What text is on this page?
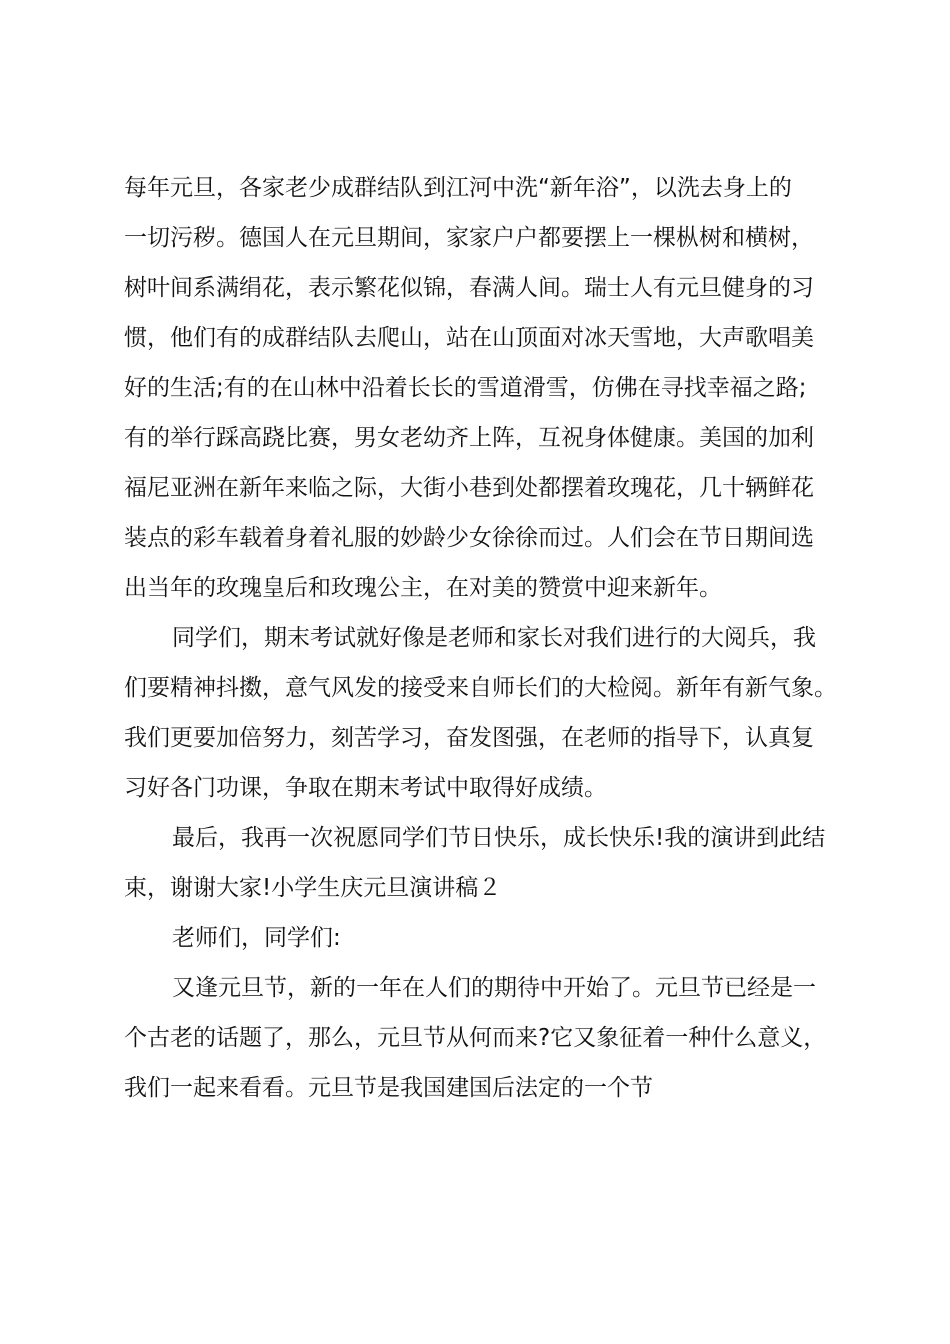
每年元旦，各家老少成群结队到江河中洗“新年浴”，以洗去身上的
一切污秽。德国人在元旦期间，家家户户都要摆上一棵枞树和横树，
树叶间系满绢花，表示繁花似锦，春满人间。瑞士人有元旦健身的习
惯，他们有的成群结队去爬山，站在山顶面对冰天雪地，大声歌唱美
好的生活;有的在山林中沿着长长的雪道滑雪，仿佛在寻找幸福之路;
有的举行踩高跷比赛，男女老幼齐上阵，互祝身体健康。美国的加利
福尼亚洲在新年来临之际，大街小巷到处都摆着玫瑰花，几十辆鲜花
装点的彩车载着身着礼服的妙龄少女徐徐而过。人们会在节日期间选
出当年的玫瑰皇后和玫瑰公主，在对美的赞赏中迎来新年。
同学们，期末考试就好像是老师和家长对我们进行的大阅兵，我
们要精神抖擞，意气风发的接受来自师长们的大检阅。新年有新气象。
我们更要加倍努力，刻苦学习，奋发图强，在老师的指导下，认真复
习好各门功课，争取在期末考试中取得好成绩。
最后，我再一次祝愿同学们节日快乐，成长快乐!我的演讲到此结
束，谢谢大家!小学生庆元旦演讲稿２
老师们，同学们:
又逢元旦节，新的一年在人们的期待中开始了。元旦节已经是一
个古老的话题了，那么，元旦节从何而来?它又象征着一种什么意义，
我们一起来看看。元旦节是我国建国后法定的一个节
